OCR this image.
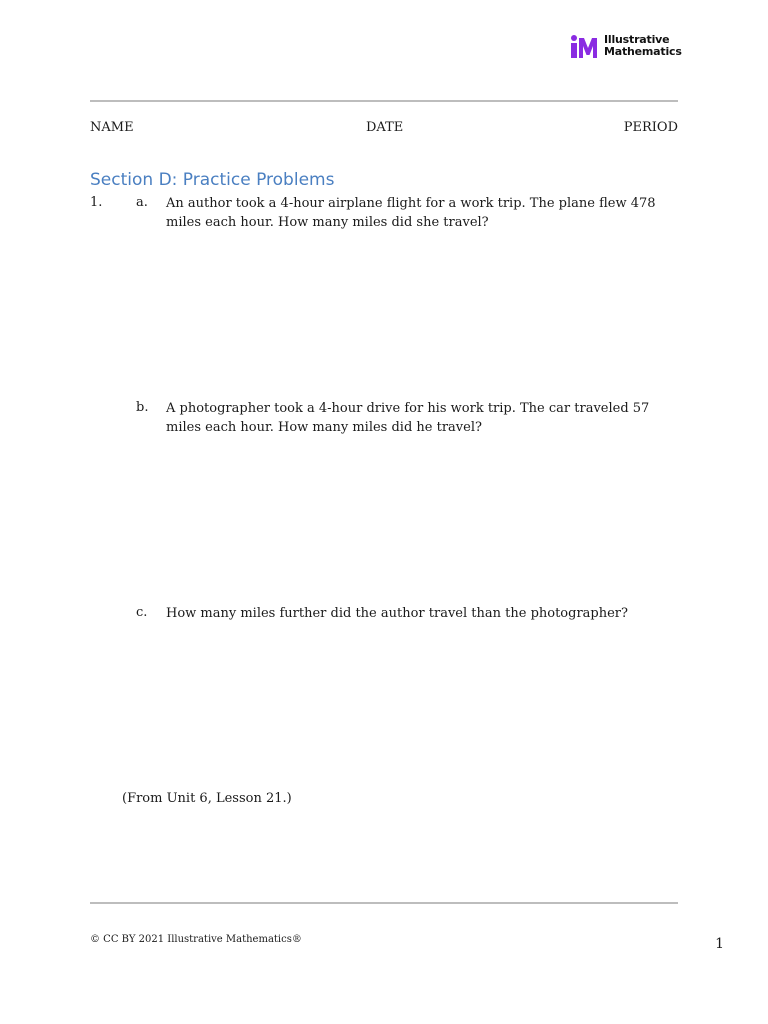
Illustrative
Mathematics
NAME	DATE	PERIOD
Section D: Practice Problems
1.	a. An author took a 4-hour airplane flight for a work trip. The plane flew 478 miles each hour. How many miles did she travel?
b. A photographer took a 4-hour drive for his work trip. The car traveled 57 miles each hour. How many miles did he travel?
c. How many miles further did the author travel than the photographer?
(From Unit 6, Lesson 21.)
© CC BY 2021 Illustrative Mathematics®	1
